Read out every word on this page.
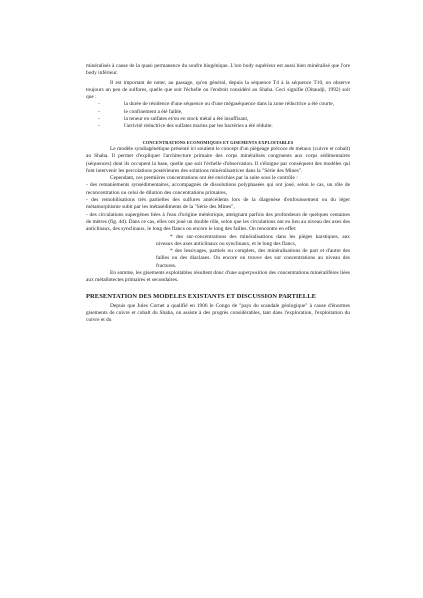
minéralisés à cause de la quasi permanence du soufre biogénique. L'ore body supérieur est aussi bien minéralisé que l'ore body inférieur.

Il est important de noter, au passage, qu'en général, depuis la séquence T4 à la séquence T10, on observe toujours un peu de sulfures, quelle que soit l'échelle ou l'endroit considéré au Shaba. Ceci signifie (Oitaudji, 1992) soit que :

- la durée de résidence d'une séquence ou d'une mégaséquence dans la zone réductrice a été courte,
- le confinement a été faible,
- la teneur en sulfates et/ou en stock métal a été insuffisant,
- l'activité réductrice des sulfates marins par les bactéries a été réduite.

CONCENTRATIONS ECONOMIQUES ET GISEMENTS EXPLOITABLES

Le modèle syndiagénétique présenté ici soutient le concept d'un piégeage précoce de métaux (cuivre et cobalt) au Shaba. Il permet d'expliquer l'architecture primaire des corps minéralisés congruents aux corps sédimentaires (séquences) dont ils occupent la base, quelle que soit l'échelle d'observation. Il s'éloigne par conséquent des modèles qui font intervenir les percolations postérieures des solutions minéralisatrices dans la "Série des Mines".

Cependant, ces premières concentrations ont été enrichies par la suite sous le contrôle :

- des remaniements synsédimentaires, accompagnés de dissolutions polyphasées qui ont joué, selon le cas, un rôle de reconcentration ou celui de dilution des concentrations primaires,

- des remobilisations très partielles des sulfures antécédents lors de la diagenèse d'enfouissement ou du léger métamorphisme subit par les métasédiments de la "Série des Mines",

- des circulations supergènes liées à l'eau d'origine météorique, atteignant parfois des profondeurs de quelques centaines de mètres (fig. 4d). Dans ce cas, elles ont joué un double rôle, selon que les circulations ont eu lieu au niveau des axes des anticlinaux, des synclinaux, le long des flancs ou encore le long des failles. On rencontre en effet:

* des sur-concentrations des minéralisations dans les pièges karstiques, aux niveaux des axes anticlinaux ou synclinaux, et le long des flancs,
* des lessivages, partiels ou complets, des minéralisations de part et d'autre des failles ou des diaclases. Ou encore on trouve des sur concentrations au niveau des fractures.

En somme, les gisements exploitables résultent donc d'une superposition des concentrations minéralifères liées aux métallotectes primaires et secondaires.

PRESENTATION DES MODELES EXISTANTS ET DISCUSSION PARTIELLE

Depuis que Jules Cornet a qualifié en 1906 le Congo de "pays du scandale géologique" à cause d'énormes gisements de cuivre et cobalt du Shaba, on assiste à des progrès considérables, tant dans l'exploration, l'exploitation du cuivre et du
